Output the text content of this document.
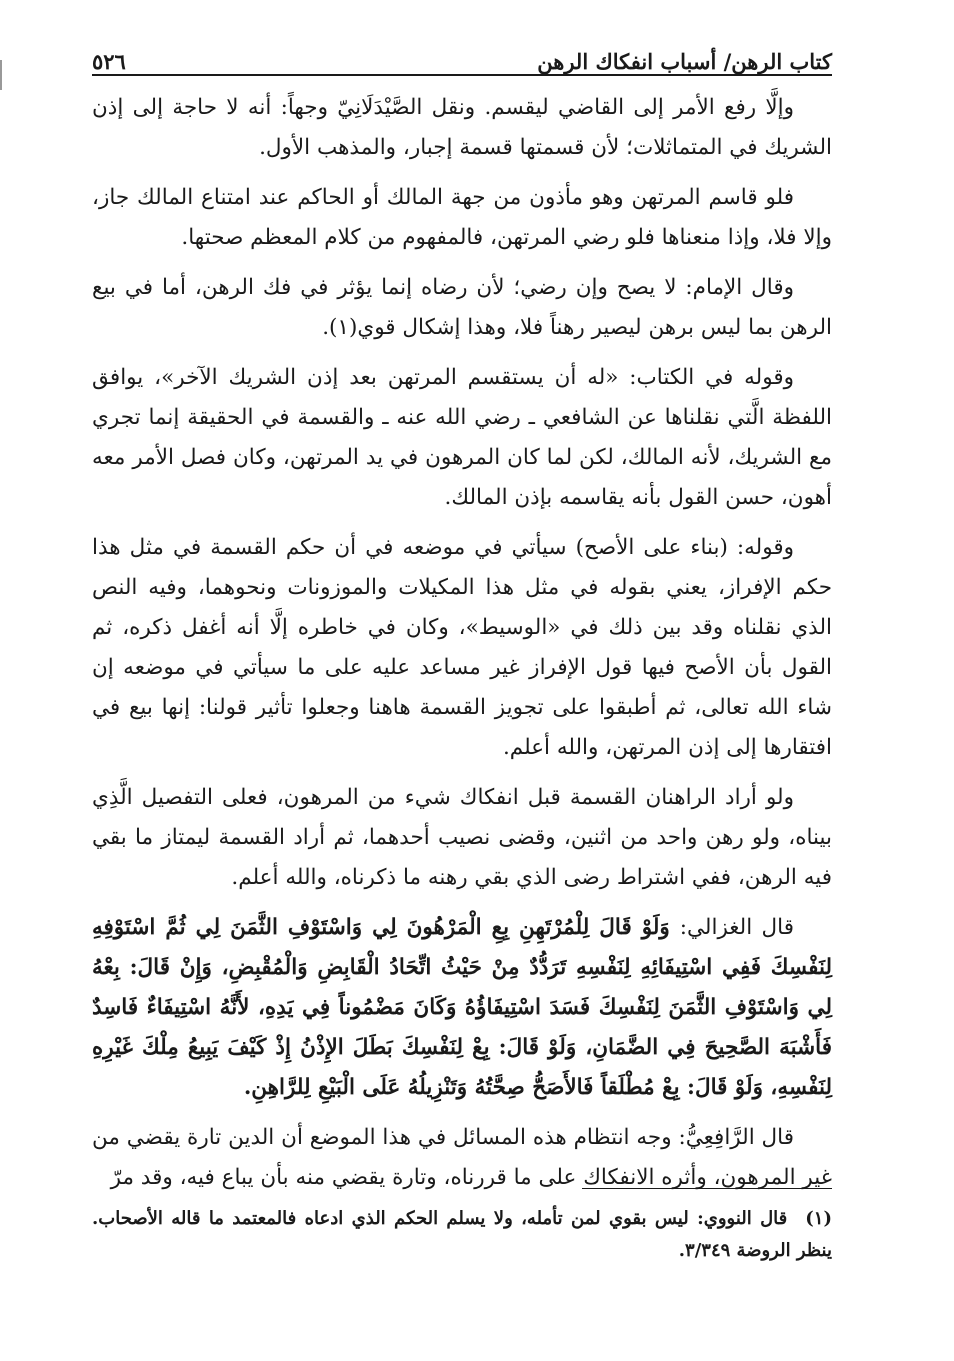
كتاب الرهن/ أسباب انفكاك الرهن
٥٢٦

وإلَّا رفع الأمر إلى القاضي ليقسم. ونقل الصَّيْدَلَانِيّ وجهاً: أنه لا حاجة إلى إذن الشريك في المتماثلات؛ لأن قسمتها قسمة إجبار، والمذهب الأول.

فلو قاسم المرتهن وهو مأذون من جهة المالك أو الحاكم عند امتناع المالك جاز، وإلا فلا، وإذا منعناها فلو رضي المرتهن، فالمفهوم من كلام المعظم صحتها.

وقال الإمام: لا يصح وإن رضي؛ لأن رضاه إنما يؤثر في فك الرهن، أما في بيع الرهن بما ليس برهن ليصير رهناً فلا، وهذا إشكال قوي(١).

وقوله في الكتاب: «له أن يستقسم المرتهن بعد إذن الشريك الآخر»، يوافق اللفظة الَّتي نقلناها عن الشافعي ـ رضي الله عنه ـ والقسمة في الحقيقة إنما تجري مع الشريك، لأنه المالك، لكن لما كان المرهون في يد المرتهن، وكان فصل الأمر معه أهون، حسن القول بأنه يقاسمه بإذن المالك.

وقوله: (بناء على الأصح) سيأتي في موضعه في أن حكم القسمة في مثل هذا حكم الإفراز، يعني بقوله في مثل هذا المكيلات والموزونات ونحوهما، وفيه النص الذي نقلناه وقد بين ذلك في «الوسيط»، وكان في خاطره إلَّا أنه أغفل ذكره، ثم القول بأن الأصح فيها قول الإفراز غير مساعد عليه على ما سيأتي في موضعه إن شاء الله تعالى، ثم أطبقوا على تجويز القسمة هاهنا وجعلوا تأثير قولنا: إنها بيع في افتقارها إلى إذن المرتهن، والله أعلم.

ولو أراد الراهنان القسمة قبل انفكاك شيء من المرهون، فعلى التفصيل الَّذِي بيناه، ولو رهن واحد من اثنين، وقضى نصيب أحدهما، ثم أراد القسمة ليمتاز ما بقي فيه الرهن، ففي اشتراط رضى الذي بقي رهنه ما ذكرناه، والله أعلم.

قال الغزالي: وَلَوْ قَالَ لِلْمُرْتَهِنِ بِعِ الْمَرْهُونَ لِي وَاسْتَوْفِ الثَّمَنَ لِي ثُمَّ اسْتَوْفِهِ لِنَفْسِكَ فَفِي اسْتِيفَائِهِ لِنَفْسِهِ تَرَدُّدٌ مِنْ حَيْثُ اتِّحَادُ الْقَابِضِ وَالْمُقْبِضِ، وَإِنْ قَالَ: بِعْهُ لِي وَاسْتَوْفِ الثَّمَنَ لِنَفْسِكَ فَسَدَ اسْتِيفَاؤُهُ وَكَانَ مَضْمُوناً فِي يَدِهِ، لأَنَّهُ اسْتِيفَاءٌ فَاسِدٌ فَأَشْبَهَ الصَّحِيحَ فِي الضَّمَانِ، وَلَوْ قَالَ: بِعْ لِنَفْسِكَ بَطَلَ الإِذْنُ إِذْ كَيْفَ يَبِيعُ مِلْكَ غَيْرِهِ لِنَفْسِهِ، وَلَوْ قَالَ: بِعْ مُطْلَقاً فَالأَصَحُّ صِحَّتُهُ وَتَنْزِيلُهُ عَلَى الْبَيْعِ لِلرَّاهِنِ.

قال الرَّافِعِيُّ: وجه انتظام هذه المسائل في هذا الموضع أن الدين تارة يقضي من غير المرهون، وأثره الانفكاك على ما قررناه، وتارة يقضي منه بأن يباع فيه، وقد مرّ

(١)قال النووي: ليس بقوي لمن تأمله، ولا يسلم الحكم الذي ادعاه فالمعتمد ما قاله الأصحاب. ينظر الروضة ٣/٣٤٩.
